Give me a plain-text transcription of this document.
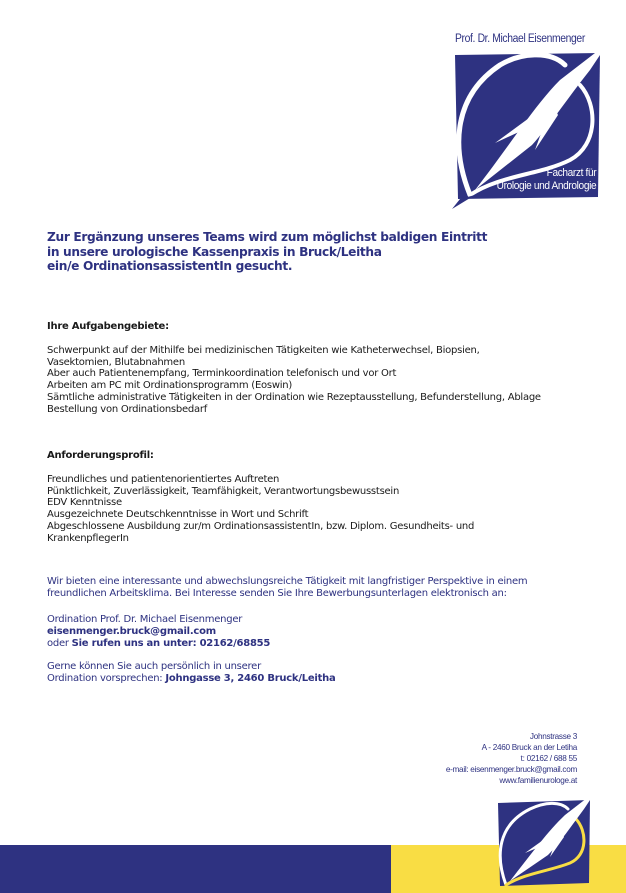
Prof. Dr. Michael Eisenmenger
Facharzt für
Urologie und Andrologie
Zur Ergänzung unseres Teams wird zum möglichst baldigen Eintritt
in unsere urologische Kassenpraxis in Bruck/Leitha
ein/e OrdinationsassistentIn gesucht.
Ihre Aufgabengebiete:
Schwerpunkt auf der Mithilfe bei medizinischen Tätigkeiten wie Katheterwechsel, Biopsien,
Vasektomien, Blutabnahmen
Aber auch Patientenempfang, Terminkoordination telefonisch und vor Ort
Arbeiten am PC mit Ordinationsprogramm (Eoswin)
Sämtliche administrative Tätigkeiten in der Ordination wie Rezeptausstellung, Befunderstellung, Ablage
Bestellung von Ordinationsbedarf
Anforderungsprofil:
Freundliches und patientenorientiertes Auftreten
Pünktlichkeit, Zuverlässigkeit, Teamfähigkeit, Verantwortungsbewusstsein
EDV Kenntnisse
Ausgezeichnete Deutschkenntnisse in Wort und Schrift
Abgeschlossene Ausbildung zur/m OrdinationsassistentIn, bzw. Diplom. Gesundheits- und
KrankenpflegerIn
Wir bieten eine interessante und abwechslungsreiche Tätigkeit mit langfristiger Perspektive in einem
freundlichen Arbeitsklima. Bei Interesse senden Sie Ihre Bewerbungsunterlagen elektronisch an:
Ordination Prof. Dr. Michael Eisenmenger
eisenmenger.bruck@gmail.com
oder Sie rufen uns an unter: 02162/68855
Gerne können Sie auch persönlich in unserer
Ordination vorsprechen: Johngasse 3, 2460 Bruck/Leitha
Johnstrasse 3
A - 2460 Bruck an der Letiha
t: 02162 / 688 55
e-mail: eisenmenger.bruck@gmail.com
www.familienurologe.at
